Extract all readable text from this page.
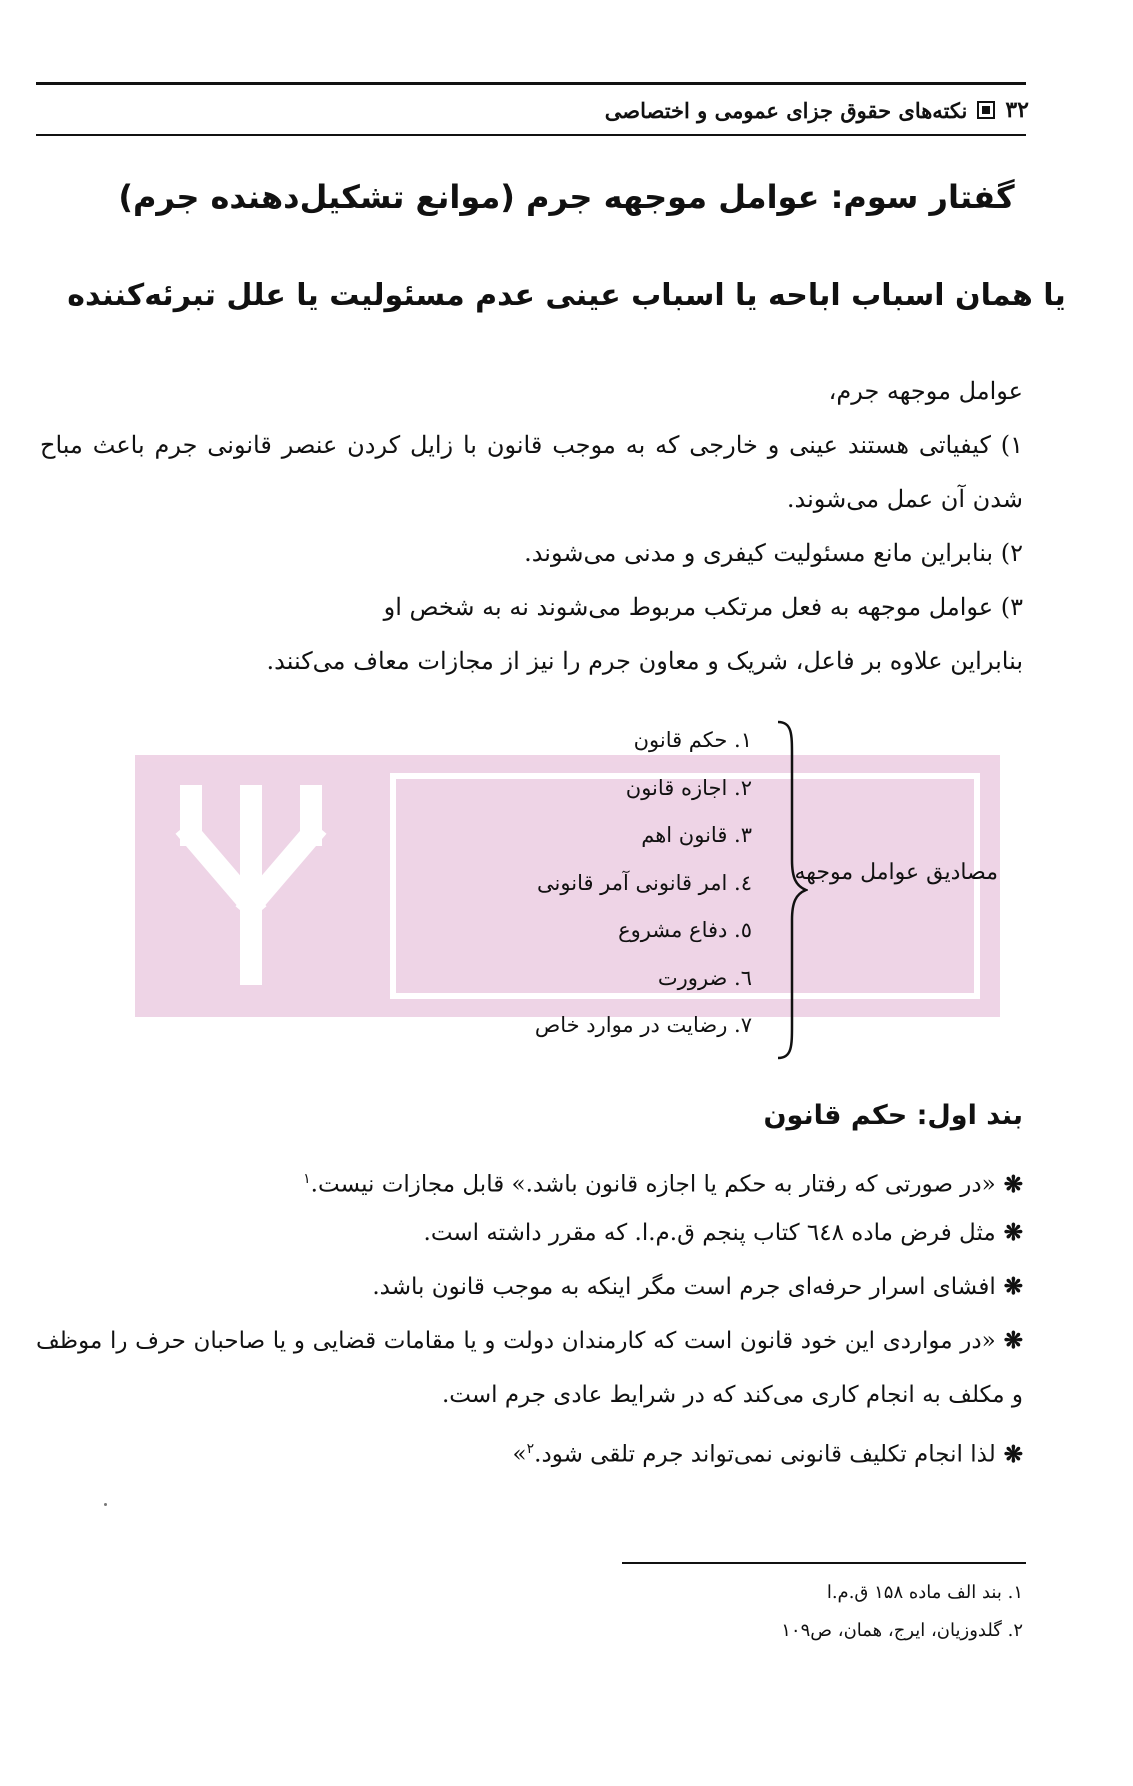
۳۲
نکته‌های حقوق جزای عمومی و اختصاصی
گفتار سوم: عوامل موجهه جرم (موانع تشکیل‌دهنده جرم)
یا همان اسباب اباحه یا اسباب عینی عدم مسئولیت یا علل تبرئه‌کننده
عوامل موجهه جرم،
۱) کیفیاتی هستند عینی و خارجی که به موجب قانون با زایل کردن عنصر قانونی جرم باعث مباح شدن آن عمل می‌شوند.
۲) بنابراین مانع مسئولیت کیفری و مدنی می‌شوند.
۳) عوامل موجهه به فعل مرتکب مربوط می‌شوند نه به شخص او
بنابراین علاوه بر فاعل، شریک و معاون جرم را نیز از مجازات معاف می‌کنند.
مصادیق عوامل موجهه
۱. حکم قانون
۲. اجازه قانون
۳. قانون اهم
٤. امر قانونی آمر قانونی
٥. دفاع مشروع
٦. ضرورت
۷. رضایت در موارد خاص
بند اول: حکم قانون
❋«در صورتی که رفتار به حکم یا اجازه قانون باشد.» قابل مجازات نیست.$^۱$
❋مثل فرض ماده ٦٤٨ کتاب پنجم ق.م.ا. که مقرر داشته است.
❋افشای اسرار حرفه‌ای جرم است مگر اینکه به موجب قانون باشد.
❋«در مواردی این خود قانون است که کارمندان دولت و یا مقامات قضایی و یا صاحبان حرف را موظف و مکلف به انجام کاری می‌کند که در شرایط عادی جرم است.
❋لذا انجام تکلیف قانونی نمی‌تواند جرم تلقی شود.$^۲$»
۱. بند الف ماده ۱۵۸ ق.م.ا
۲. گلدوزیان، ایرج، همان، ص۱۰۹
